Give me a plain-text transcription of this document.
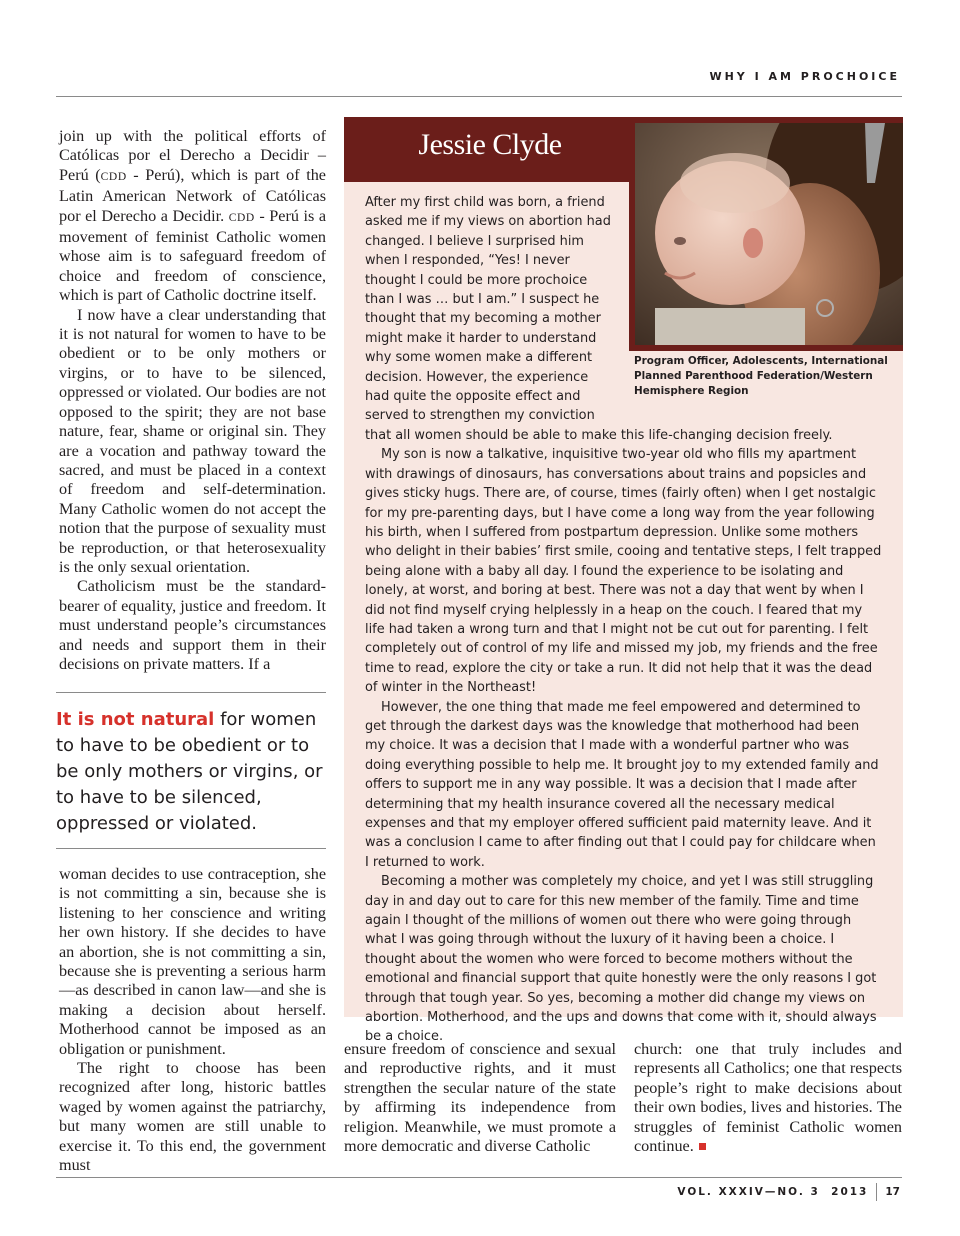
WHY I AM PROCHOICE

join up with the political efforts of Católicas por el Derecho a Decidir – Perú (CDD - Perú), which is part of the Latin American Network of Católicas por el Derecho a Decidir. CDD - Perú is a movement of feminist Catholic women whose aim is to safeguard freedom of choice and freedom of conscience, which is part of Catholic doctrine itself.

I now have a clear understanding that it is not natural for women to have to be obedient or to be only mothers or virgins, or to have to be silenced, oppressed or violated. Our bodies are not opposed to the spirit; they are not base nature, fear, shame or original sin. They are a vocation and pathway toward the sacred, and must be placed in a context of freedom and self-determination. Many Catholic women do not accept the notion that the purpose of sexuality must be reproduction, or that heterosexuality is the only sexual orientation.

Catholicism must be the standard-bearer of equality, justice and freedom. It must understand people’s circumstances and needs and support them in their decisions on private matters. If a

It is not natural for women to have to be obedient or to be only mothers or virgins, or to have to be silenced, oppressed or violated.

woman decides to use contraception, she is not committing a sin, because she is listening to her conscience and writing her own history. If she decides to have an abortion, she is not committing a sin, because she is preventing a serious harm—as described in canon law—and she is making a decision about herself. Motherhood cannot be imposed as an obligation or punishment.

The right to choose has been recognized after long, historic battles waged by women against the patriarchy, but many women are still unable to exercise it. To this end, the government must

Jessie Clyde
Program Officer, Adolescents, International Planned Parenthood Federation/Western Hemisphere Region

After my first child was born, a friend asked me if my views on abortion had changed. I believe I surprised him when I responded, “Yes! I never thought I could be more prochoice than I was … but I am.” I suspect he thought that my becoming a mother might make it harder to understand why some women make a different decision. However, the experience had quite the opposite effect and served to strengthen my conviction that all women should be able to make this life-changing decision freely.

My son is now a talkative, inquisitive two-year old who fills my apartment with drawings of dinosaurs, has conversations about trains and popsicles and gives sticky hugs. There are, of course, times (fairly often) when I get nostalgic for my pre-parenting days, but I have come a long way from the year following his birth, when I suffered from postpartum depression. Unlike some mothers who delight in their babies’ first smile, cooing and tentative steps, I felt trapped being alone with a baby all day. I found the experience to be isolating and lonely, at worst, and boring at best. There was not a day that went by when I did not find myself crying helplessly in a heap on the couch. I feared that my life had taken a wrong turn and that I might not be cut out for parenting. I felt completely out of control of my life and missed my job, my friends and the free time to read, explore the city or take a run. It did not help that it was the dead of winter in the Northeast!

However, the one thing that made me feel empowered and determined to get through the darkest days was the knowledge that motherhood had been my choice. It was a decision that I made with a wonderful partner who was doing everything possible to help me. It brought joy to my extended family and offers to support me in any way possible. It was a decision that I made after determining that my health insurance covered all the necessary medical expenses and that my employer offered sufficient paid maternity leave. And it was a conclusion I came to after finding out that I could pay for childcare when I returned to work.

Becoming a mother was completely my choice, and yet I was still struggling day in and day out to care for this new member of the family. Time and time again I thought of the millions of women out there who were going through what I was going through without the luxury of it having been a choice. I thought about the women who were forced to become mothers without the emotional and financial support that quite honestly were the only reasons I got through that tough year. So yes, becoming a mother did change my views on abortion. Motherhood, and the ups and downs that come with it, should always be a choice.

ensure freedom of conscience and sexual and reproductive rights, and it must strengthen the secular nature of the state by affirming its independence from religion. Meanwhile, we must promote a more democratic and diverse Catholic

church: one that truly includes and represents all Catholics; one that respects people’s right to make decisions about their own bodies, lives and histories. The struggles of feminist Catholic women continue.

VOL. XXXIV—NO. 3  2013 17
